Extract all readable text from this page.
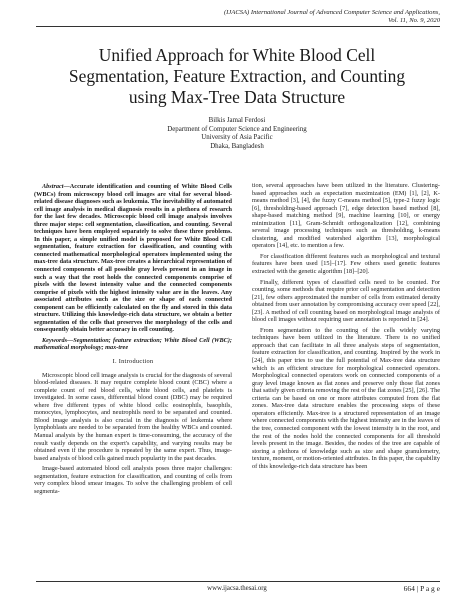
(IJACSA) International Journal of Advanced Computer Science and Applications,
Vol. 11, No. 9, 2020
Unified Approach for White Blood Cell
Segmentation, Feature Extraction, and Counting
using Max-Tree Data Structure
Bilkis Jamal Ferdosi
Department of Computer Science and Engineering
University of Asia Pacific
Dhaka, Bangladesh

Abstract—Accurate identification and counting of White Blood Cells (WBCs) from microscopy blood cell images are vital for several blood-related disease diagnoses such as leukemia. The inevitability of automated cell image analysis in medical diagnosis results in a plethora of research for the last few decades. Microscopic blood cell image analysis involves three major steps: cell segmentation, classification, and counting. Several techniques have been employed separately to solve these three problems. In this paper, a simple unified model is proposed for White Blood Cell segmentation, feature extraction for classification, and counting with connected mathematical morphological operators implemented using the max-tree data structure. Max-tree creates a hierarchical representation of connected components of all possible gray levels present in an image in such a way that the root holds the connected components comprise of pixels with the lowest intensity value and the connected components comprise of pixels with the highest intensity value are in the leaves. Any associated attributes such as the size or shape of each connected component can be efficiently calculated on the fly and stored in this data structure. Utilizing this knowledge-rich data structure, we obtain a better segmentation of the cells that preserves the morphology of the cells and consequently obtain better accuracy in cell counting.

Keywords—Segmentation; feature extraction; White Blood Cell (WBC); mathematical morphology; max-tree

I. Introduction

Microscopic blood cell image analysis is crucial for the diagnosis of several blood-related diseases. It may require complete blood count (CBC) where a complete count of red blood cells, white blood cells, and platelets is investigated. In some cases, differential blood count (DBC) may be required where five different types of white blood cells: eosinophils, basophils, monocytes, lymphocytes, and neutrophils need to be separated and counted. Blood image analysis is also crucial in the diagnosis of leukemia where lymphoblasts are needed to be separated from the healthy WBCs and counted. Manual analysis by the human expert is time-consuming, the accuracy of the result vastly depends on the expert's capability, and varying results may be obtained even if the procedure is repeated by the same expert. Thus, image-based analysis of blood cells gained much popularity in the past decades.

Image-based automated blood cell analysis poses three major challenges: segmentation, feature extraction for classification, and counting of cells from very complex blood smear images. To solve the challenging problem of cell segmenta-

tion, several approaches have been utilized in the literature. Clustering-based approaches such as expectation maximization (EM) [1], [2], K-means method [3], [4], the fuzzy C-means method [5], type-2 fuzzy logic [6], thresholding-based approach [7], edge detection based method [8], shape-based matching method [9], machine learning [10], or energy minimization [11], Gram-Schmidt orthogonalization [12], combining several image processing techniques such as thresholding, k-means clustering, and modified watershed algorithm [13], morphological operators [14], etc. to mention a few.

For classification different features such as morphological and textural features have been used [15]–[17]. Few others used genetic features extracted with the genetic algorithm [18]–[20].

Finally, different types of classified cells need to be counted. For counting, some methods that require prior cell segmentation and detection [21], few others approximated the number of cells from estimated density obtained from user annotation by compromising accuracy over speed [22], [23]. A method of cell counting based on morphological image analysis of blood cell images without requiring user annotation is reported in [24].

From segmentation to the counting of the cells widely varying techniques have been utilized in the literature. There is no unified approach that can facilitate in all three analysis steps of segmentation, feature extraction for classification, and counting. Inspired by the work in [24], this paper tries to use the full potential of Max-tree data structure which is an efficient structure for morphological connected operators. Morphological connected operators work on connected components of a gray level image known as flat zones and preserve only those flat zones that satisfy given criteria removing the rest of the flat zones [25], [26]. The criteria can be based on one or more attributes computed from the flat zones. Max-tree data structure enables the processing steps of these operators efficiently. Max-tree is a structured representation of an image where connected components with the highest intensity are in the leaves of the tree, connected component with the lowest intensity is in the root, and the rest of the nodes hold the connected components for all threshold levels present in the image. Besides, the nodes of the tree are capable of storing a plethora of knowledge such as size and shape granulometry, texture, moment, or motion-oriented attributes. In this paper, the capability of this knowledge-rich data structure has been

www.ijacsa.thesai.org	664 | P a g e
